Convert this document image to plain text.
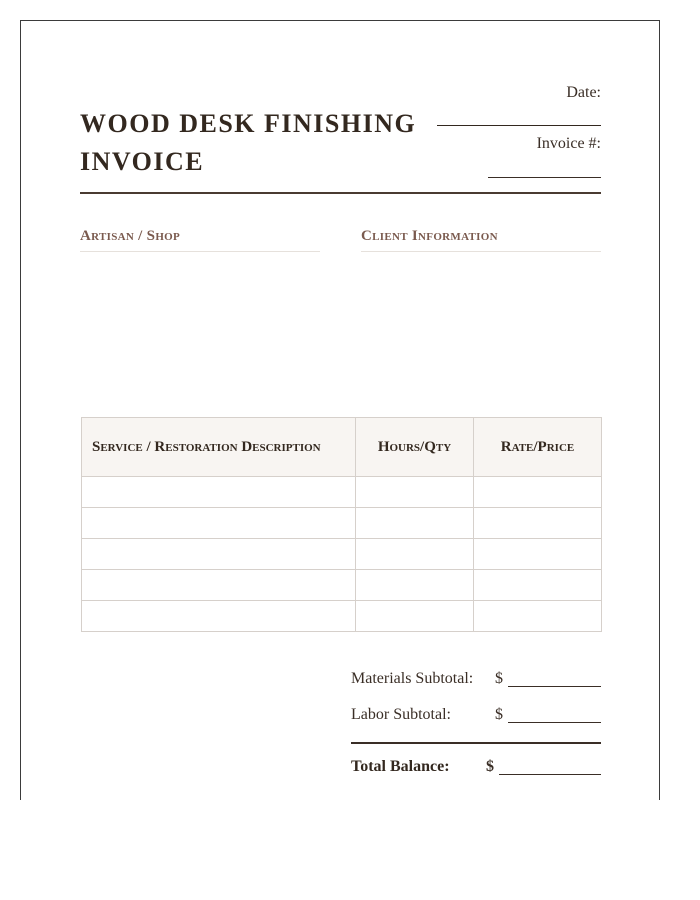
WOOD DESK FINISHING
INVOICE
Date:
Invoice #:
Artisan / Shop	Client Information
Service / Restoration Description	Hours/Qty	Rate/Price

Materials Subtotal: $
Labor Subtotal:	$
Total Balance: $
